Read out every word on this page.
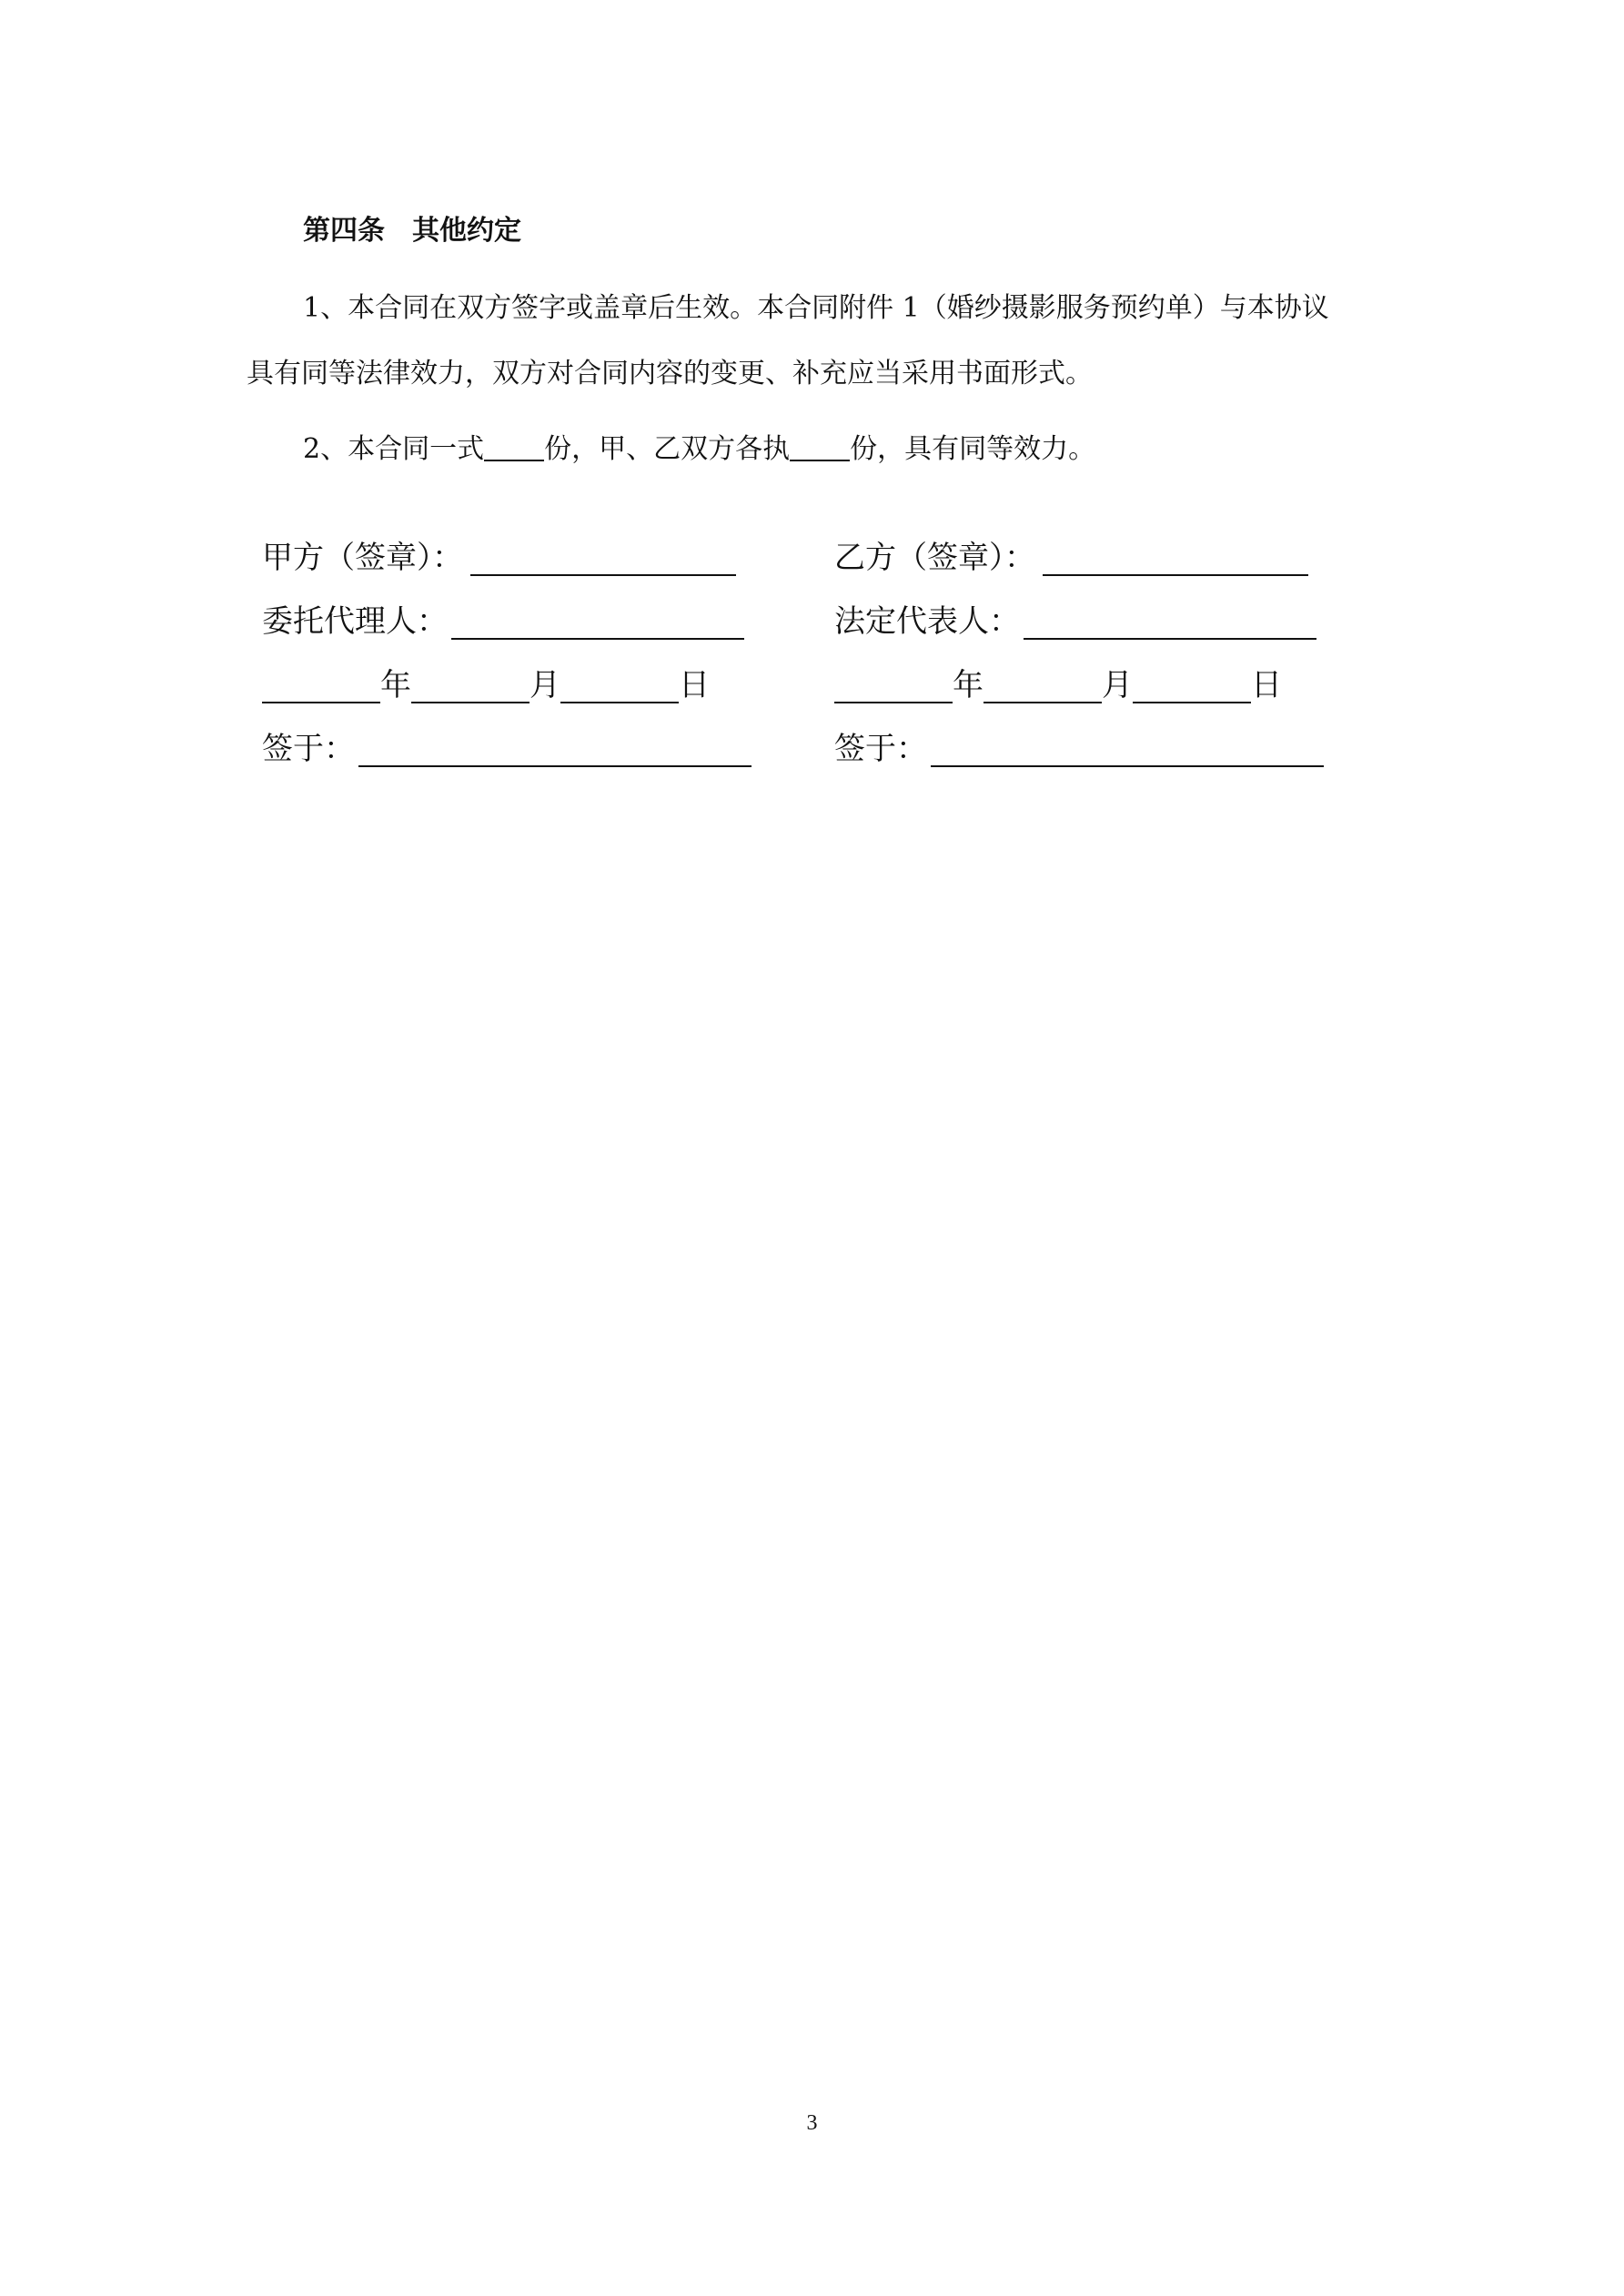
第四条　其他约定
1、本合同在双方签字或盖章后生效。本合同附件 1（婚纱摄影服务预约单）与本协议
具有同等法律效力，双方对合同内容的变更、补充应当采用书面形式。
2、本合同一式 份，甲、乙双方各执 份，具有同等效力。
甲方（签章）：
委托代理人：
年	月	日
签于：
乙方（签章）：
法定代表人：
年	月	日
签于：
3
